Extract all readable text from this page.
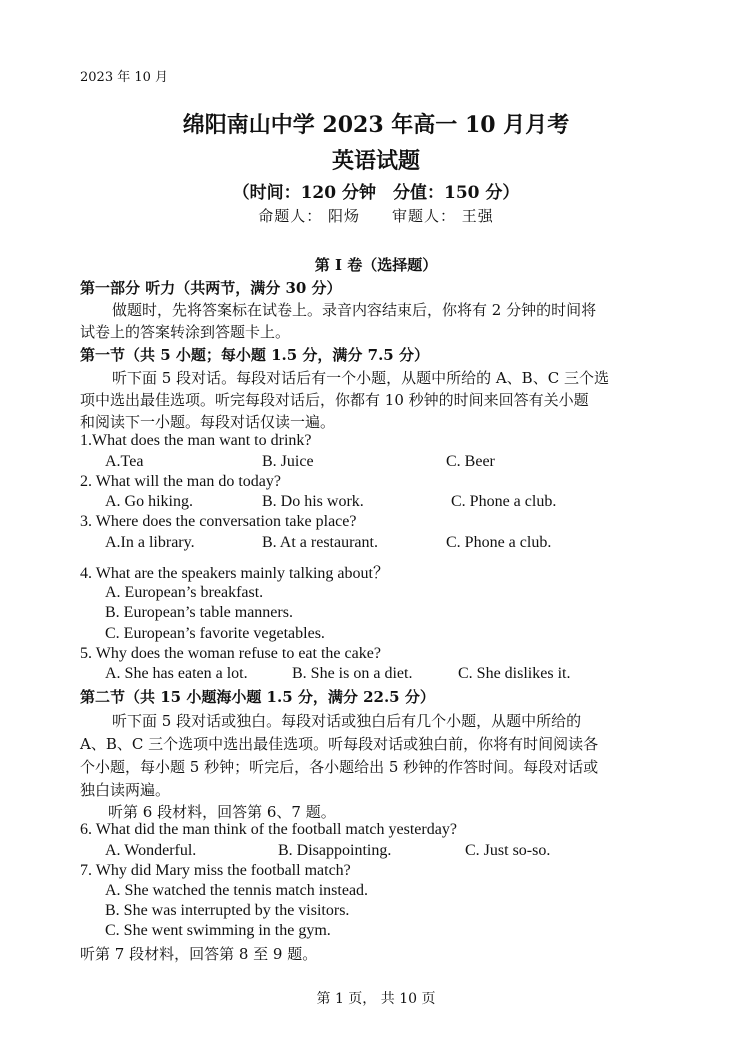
2023 年 10 月
绵阳南山中学 2023 年高一 10 月月考
英语试题
（时间：120 分钟　分值：150 分）
命题人： 阳炀　　审题人： 王强
第 I 卷（选择题）
第一部分 听力（共两节，满分 30 分）
做题时，先将答案标在试卷上。录音内容结束后，你将有 2 分钟的时间将
试卷上的答案转涂到答题卡上。
第一节（共 5 小题；每小题 1.5 分，满分 7.5 分）
听下面 5 段对话。每段对话后有一个小题，从题中所给的 A、B、C 三个选
项中选出最佳选项。听完每段对话后，你都有 10 秒钟的时间来回答有关小题
和阅读下一小题。每段对话仅读一遍。
1.What does the man want to drink?
A.Tea	B. Juice	C. Beer
2. What will the man do today?
A. Go hiking.	B. Do his work.	C. Phone a club.
3. Where does the conversation take place?
A.In a library.	B. At a restaurant.	C. Phone a club.
4. What are the speakers mainly talking about？
A. European’s breakfast.
B. European’s table manners.
C. European’s favorite vegetables.
5. Why does the woman refuse to eat the cake?
A. She has eaten a lot.	B. She is on a diet.	C. She dislikes it.
第二节（共 15 小题海小题 1.5 分，满分 22.5 分）
听下面 5 段对话或独白。每段对话或独白后有几个小题，从题中所给的
A、B、C 三个选项中选出最佳选项。听每段对话或独白前，你将有时间阅读各
个小题，每小题 5 秒钟；听完后，各小题给出 5 秒钟的作答时间。每段对话或
独白读两遍。
听第 6 段材料，回答第 6、7 题。
6. What did the man think of the football match yesterday?
A. Wonderful.	B. Disappointing.	C. Just so-so.
7. Why did Mary miss the football match?
A. She watched the tennis match instead.
B. She was interrupted by the visitors.
C. She went swimming in the gym.
听第 7 段材料，回答第 8 至 9 题。
第 1 页， 共 10 页
